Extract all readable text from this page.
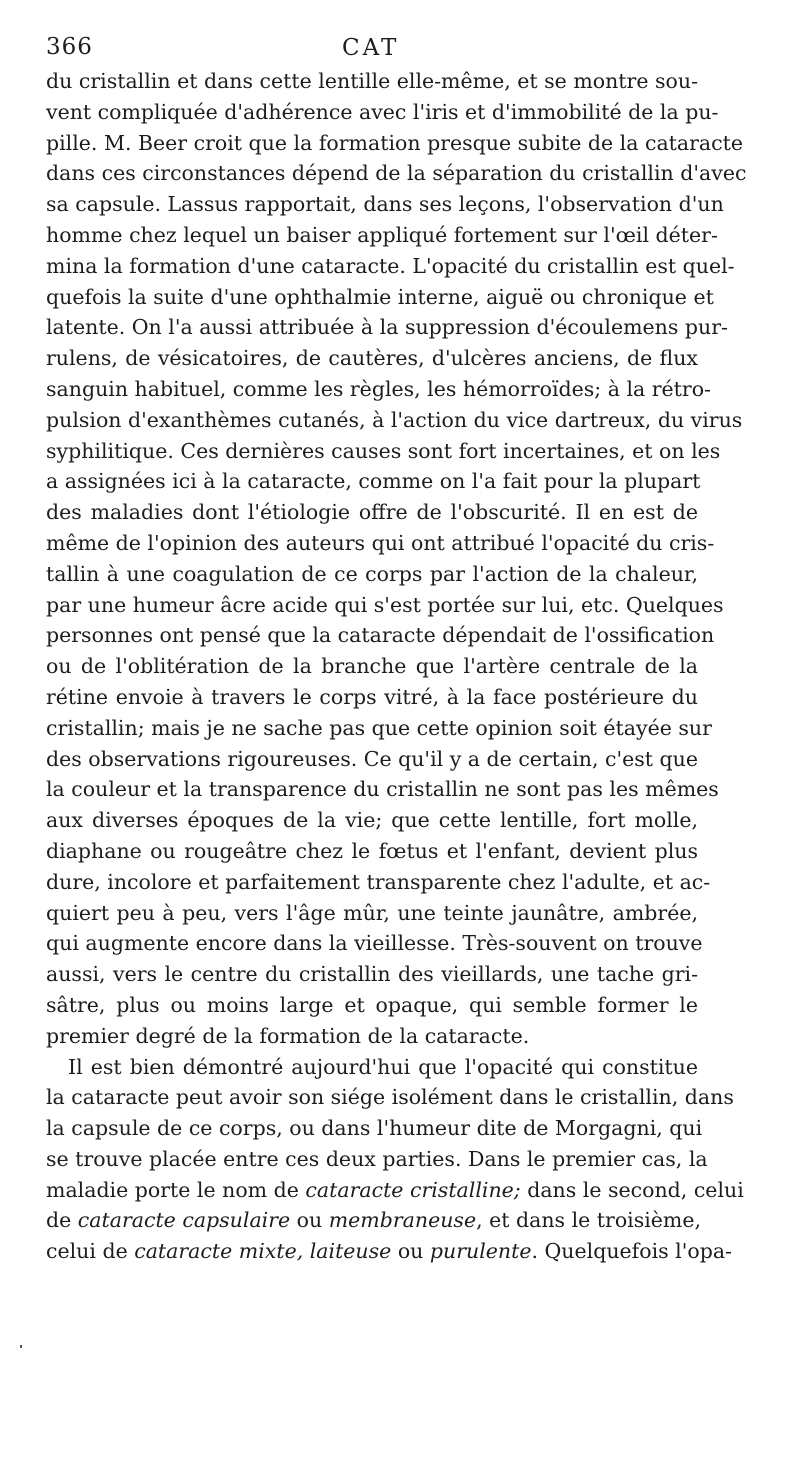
366	CAT
du cristallin et dans cette lentille elle-même, et se montre sou-
vent compliquée d'adhérence avec l'iris et d'immobilité de la pu-
pille. M. Beer croit que la formation presque subite de la cataracte
dans ces circonstances dépend de la séparation du cristallin d'avec
sa capsule. Lassus rapportait, dans ses leçons, l'observation d'un
homme chez lequel un baiser appliqué fortement sur l'œil déter-
mina la formation d'une cataracte. L'opacité du cristallin est quel-
quefois la suite d'une ophthalmie interne, aiguë ou chronique et
latente. On l'a aussi attribuée à la suppression d'écoulemens pur-
rulens, de vésicatoires, de cautères, d'ulcères anciens, de flux
sanguin habituel, comme les règles, les hémorroïdes; à la rétro-
pulsion d'exanthèmes cutanés, à l'action du vice dartreux, du virus
syphilitique. Ces dernières causes sont fort incertaines, et on les
a assignées ici à la cataracte, comme on l'a fait pour la plupart
des maladies dont l'étiologie offre de l'obscurité. Il en est de
même de l'opinion des auteurs qui ont attribué l'opacité du cris-
tallin à une coagulation de ce corps par l'action de la chaleur,
par une humeur âcre acide qui s'est portée sur lui, etc. Quelques
personnes ont pensé que la cataracte dépendait de l'ossification
ou de l'oblitération de la branche que l'artère centrale de la
rétine envoie à travers le corps vitré, à la face postérieure du
cristallin; mais je ne sache pas que cette opinion soit étayée sur
des observations rigoureuses. Ce qu'il y a de certain, c'est que
la couleur et la transparence du cristallin ne sont pas les mêmes
aux diverses époques de la vie; que cette lentille, fort molle,
diaphane ou rougeâtre chez le fœtus et l'enfant, devient plus
dure, incolore et parfaitement transparente chez l'adulte, et ac-
quiert peu à peu, vers l'âge mûr, une teinte jaunâtre, ambrée,
qui augmente encore dans la vieillesse. Très-souvent on trouve
aussi, vers le centre du cristallin des vieillards, une tache gri-
sâtre, plus ou moins large et opaque, qui semble former le
premier degré de la formation de la cataracte.
Il est bien démontré aujourd'hui que l'opacité qui constitue
la cataracte peut avoir son siége isolément dans le cristallin, dans
la capsule de ce corps, ou dans l'humeur dite de Morgagni, qui
se trouve placée entre ces deux parties. Dans le premier cas, la
maladie porte le nom de cataracte cristalline; dans le second, celui
de cataracte capsulaire ou membraneuse, et dans le troisième,
celui de cataracte mixte, laiteuse ou purulente. Quelquefois l'opa-
